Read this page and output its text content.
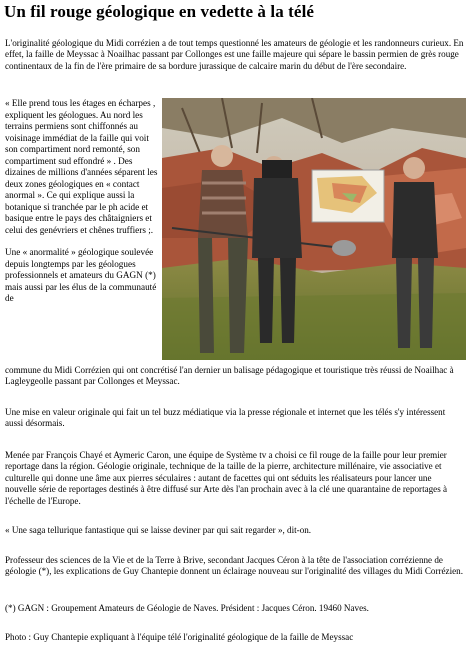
Un fil rouge géologique en vedette à la télé

L'originalité géologique du Midi corrézien a de tout temps questionné les amateurs de géologie et les randonneurs curieux. En effet, la faille de Meyssac à Noailhac passant par Collonges est une faille majeure qui sépare le bassin permien de grès rouge continentaux de la fin de l'ère primaire de sa bordure jurassique de calcaire marin du début de l'ère secondaire.

« Elle prend tous les étages en écharpes , expliquent les géologues. Au nord les terrains permiens sont chiffonnés au voisinage immédiat de la faille qui voit son compartiment nord remonté, son compartiment sud effondré » . Des dizaines de millions d'années séparent les deux zones géologiques en « contact anormal ». Ce qui explique aussi la botanique si tranchée par le ph acide et basique entre le pays des châtaigniers et celui des genévriers et chênes truffiers ;.

Une « anormalité » géologique soulevée depuis longtemps par les géologues professionnels et amateurs du GAGN (*) mais aussi par les élus de la communauté de

commune du Midi Corrézien qui ont concrétisé l'an dernier un balisage pédagogique et touristique très réussi de Noailhac à Lagleygeolle passant par Collonges et Meyssac.

Une mise en valeur originale qui fait un tel buzz médiatique via la presse régionale et internet que les télés s'y intéressent aussi désormais.

Menée par François Chayé et Aymeric Caron, une équipe de Système tv a choisi ce fil rouge de la faille pour leur premier reportage dans la région. Géologie originale, technique de la taille de la pierre, architecture millénaire, vie associative et culturelle qui donne une âme aux pierres séculaires : autant de facettes qui ont séduits les réalisateurs pour lancer une nouvelle série de reportages destinés à être diffusé sur Arte dès l'an prochain avec à la clé une quarantaine de reportages à l'échelle de l'Europe.

« Une saga tellurique fantastique qui se laisse deviner par qui sait regarder », dit-on.

Professeur des sciences de la Vie et de la Terre à Brive, secondant Jacques Céron à la tête de l'association corrézienne de géologie (*), les explications de Guy Chantepie donnent un éclairage nouveau sur l'originalité des villages du Midi Corrézien.

(*) GAGN : Groupement Amateurs de Géologie de Naves. Président : Jacques Céron. 19460 Naves.

Photo : Guy Chantepie expliquant à l'équipe télé l'originalité géologique de la faille de Meyssac
